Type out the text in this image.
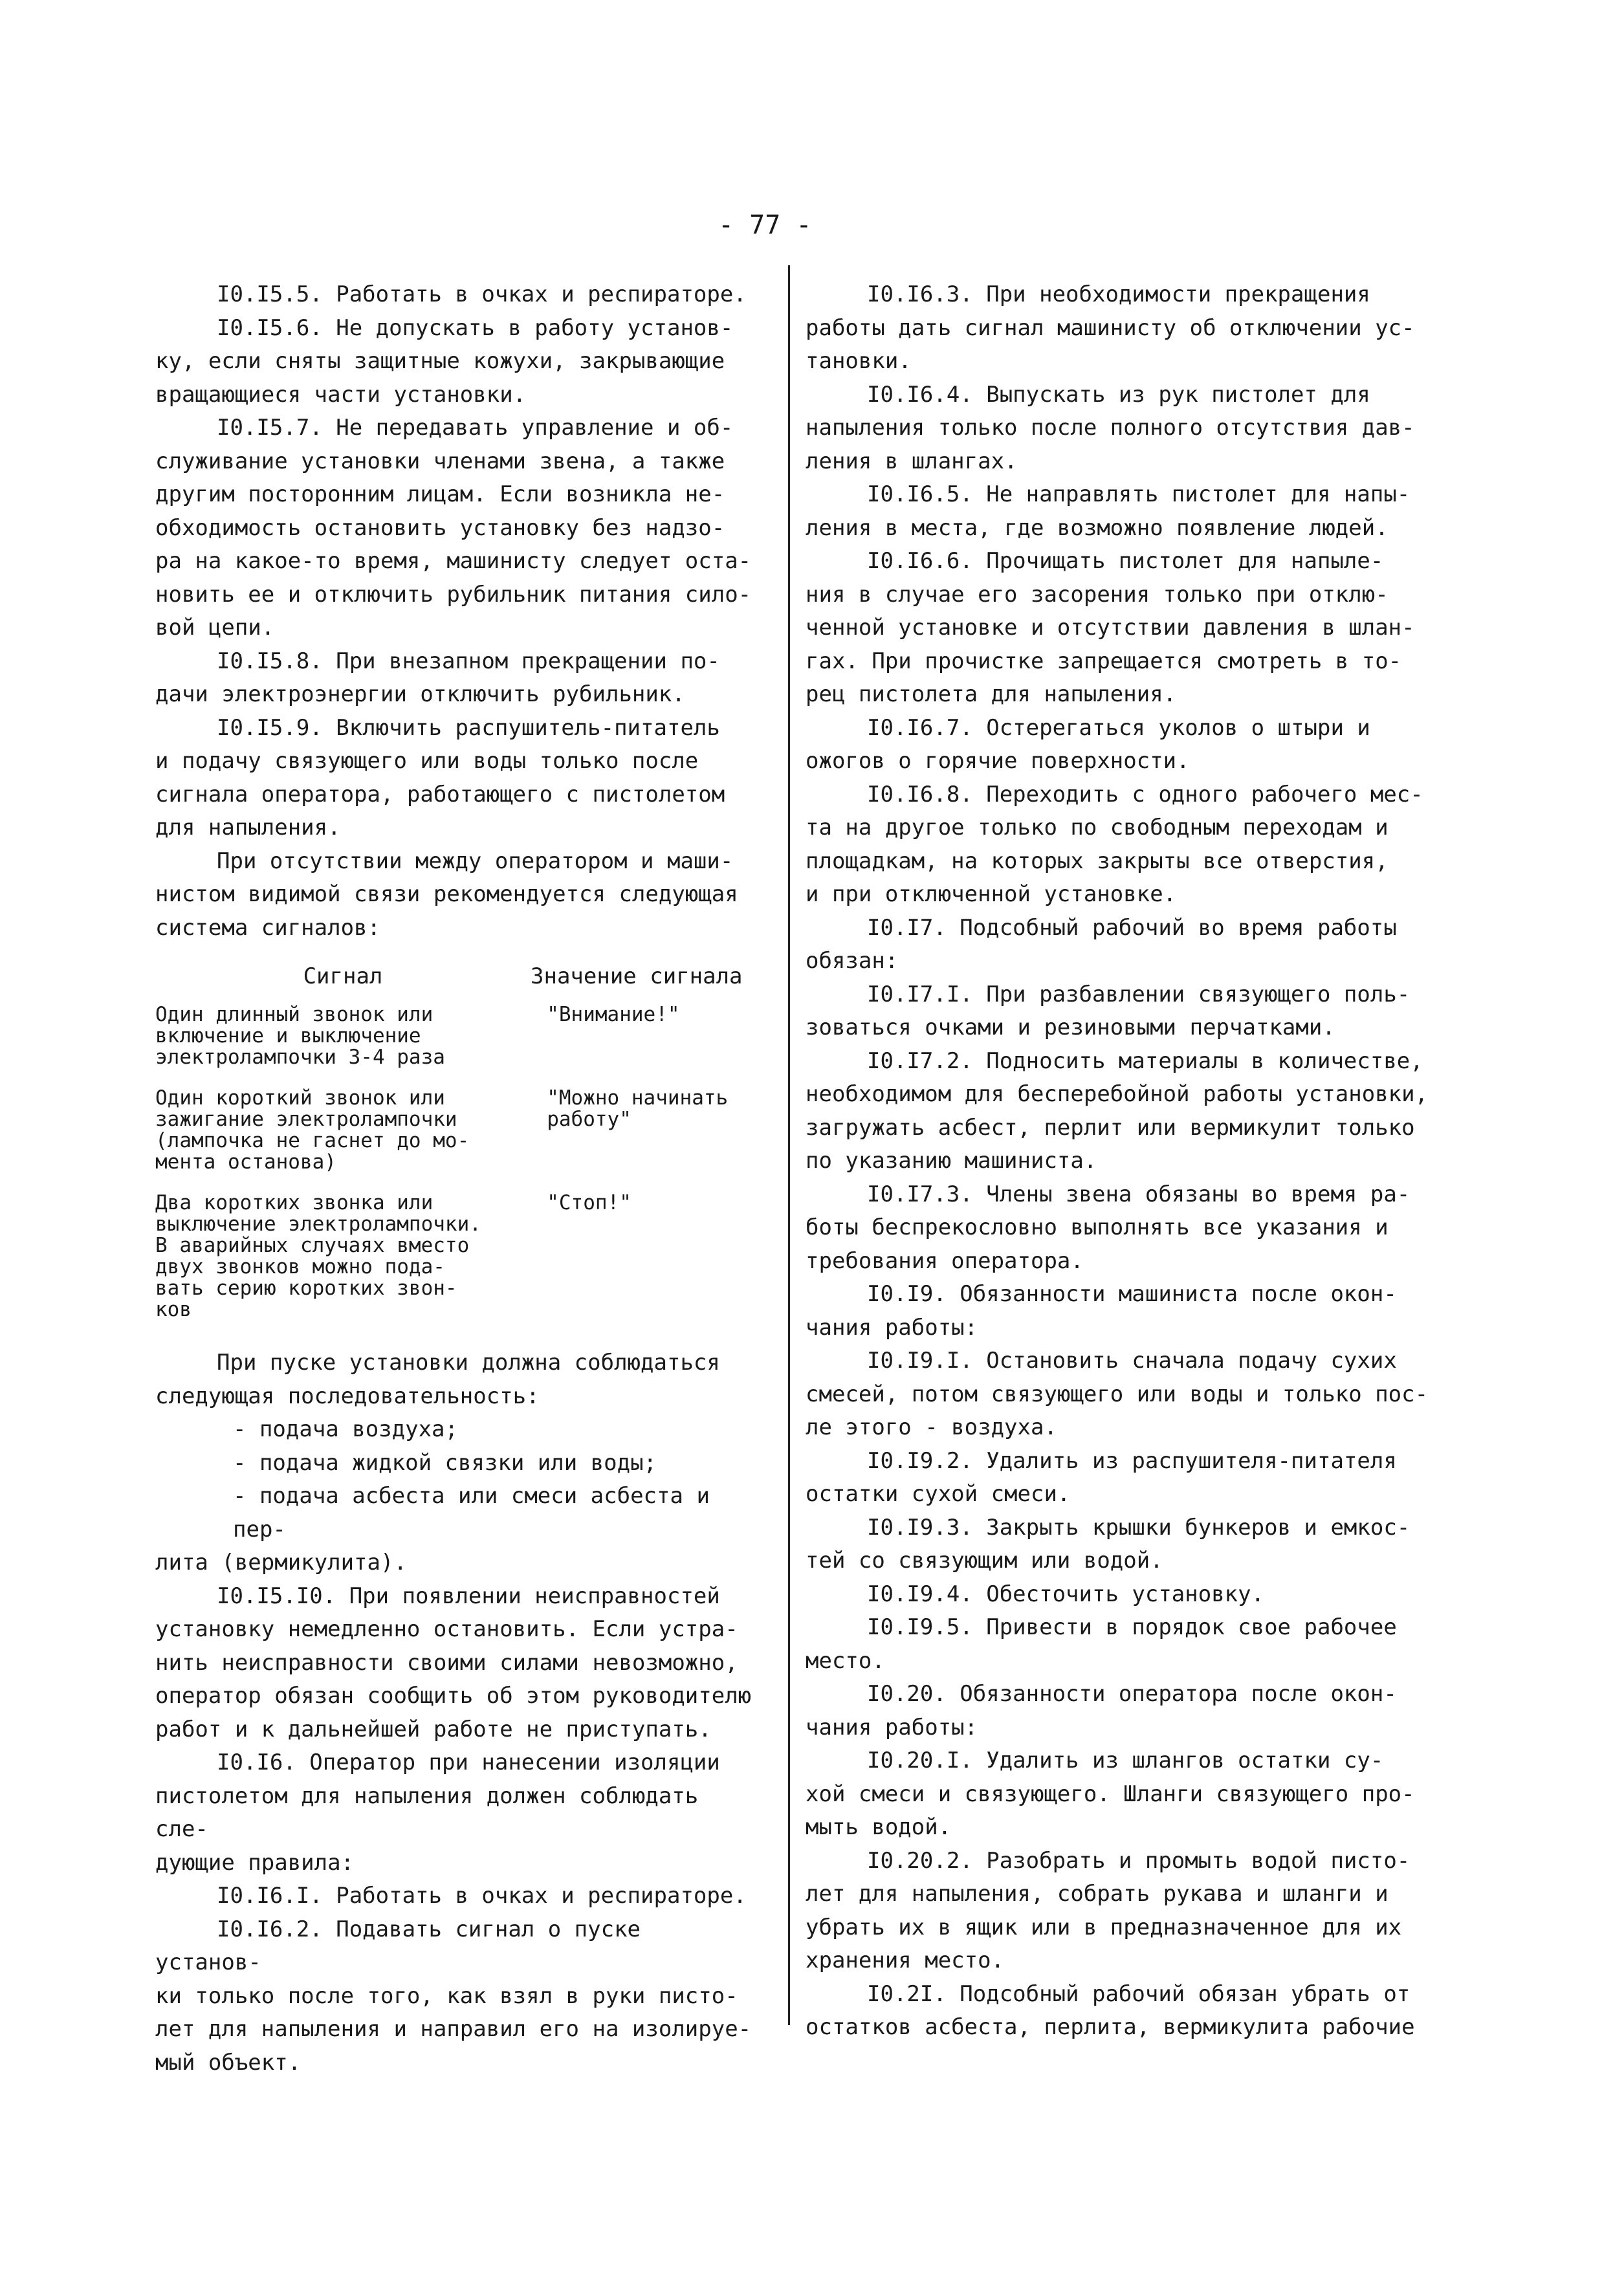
- 77 -

I0.I5.5. Работать в очках и респираторе.

I0.I5.6. Не допускать в работу установ-
ку, если сняты защитные кожухи, закрывающие
вращающиеся части установки.

I0.I5.7. Не передавать управление и об-
служивание установки членами звена, а также
другим посторонним лицам. Если возникла не-
обходимость остановить установку без надзо-
ра на какое-то время, машинисту следует оста-
новить ее и отключить рубильник питания сило-
вой цепи.

I0.I5.8. При внезапном прекращении по-
дачи электроэнергии отключить рубильник.

I0.I5.9. Включить распушитель-питатель
и подачу связующего или воды только после
сигнала оператора, работающего с пистолетом
для напыления.

При отсутствии между оператором и маши-
нистом видимой связи рекомендуется следующая
система сигналов:

Сигнал	Значение сигнала
Один длинный звонок или
включение и выключение
электролампочки 3-4 раза
"Внимание!"
Один короткий звонок или
зажигание электролампочки
(лампочка не гаснет до мо-
мента останова)
"Можно начинать
работу"
Два коротких звонка или
выключение электролампочки.
В аварийных случаях вместо
двух звонков можно пода-
вать серию коротких звон-
ков
"Стоп!"

При пуске установки должна соблюдаться
следующая последовательность:

- подача воздуха;
- подача жидкой связки или воды;
- подача асбеста или смеси асбеста и пер-

лита (вермикулита).

I0.I5.I0. При появлении неисправностей
установку немедленно остановить. Если устра-
нить неисправности своими силами невозможно,
оператор обязан сообщить об этом руководителю
работ и к дальнейшей работе не приступать.

I0.I6. Оператор при нанесении изоляции
пистолетом для напыления должен соблюдать сле-
дующие правила:

I0.I6.I. Работать в очках и респираторе.

I0.I6.2. Подавать сигнал о пуске установ-
ки только после того, как взял в руки писто-
лет для напыления и направил его на изолируе-
мый объект.

I0.I6.3. При необходимости прекращения
работы дать сигнал машинисту об отключении ус-
тановки.

I0.I6.4. Выпускать из рук пистолет для
напыления только после полного отсутствия дав-
ления в шлангах.

I0.I6.5. Не направлять пистолет для напы-
ления в места, где возможно появление людей.

I0.I6.6. Прочищать пистолет для напыле-
ния в случае его засорения только при отклю-
ченной установке и отсутствии давления в шлан-
гах. При прочистке запрещается смотреть в то-
рец пистолета для напыления.

I0.I6.7. Остерегаться уколов о штыри и
ожогов о горячие поверхности.

I0.I6.8. Переходить с одного рабочего мес-
та на другое только по свободным переходам и
площадкам, на которых закрыты все отверстия,
и при отключенной установке.

I0.I7. Подсобный рабочий во время работы
обязан:

I0.I7.I. При разбавлении связующего поль-
зоваться очками и резиновыми перчатками.

I0.I7.2. Подносить материалы в количестве,
необходимом для бесперебойной работы установки,
загружать асбест, перлит или вермикулит только
по указанию машиниста.

I0.I7.3. Члены звена обязаны во время ра-
боты беспрекословно выполнять все указания и
требования оператора.

I0.I9. Обязанности машиниста после окон-
чания работы:

I0.I9.I. Остановить сначала подачу сухих
смесей, потом связующего или воды и только пос-
ле этого - воздуха.

I0.I9.2. Удалить из распушителя-питателя
остатки сухой смеси.

I0.I9.3. Закрыть крышки бункеров и емкос-
тей со связующим или водой.

I0.I9.4. Обесточить установку.

I0.I9.5. Привести в порядок свое рабочее
место.

I0.20. Обязанности оператора после окон-
чания работы:

I0.20.I. Удалить из шлангов остатки су-
хой смеси и связующего. Шланги связующего про-
мыть водой.

I0.20.2. Разобрать и промыть водой писто-
лет для напыления, собрать рукава и шланги и
убрать их в ящик или в предназначенное для их
хранения место.

I0.2I. Подсобный рабочий обязан убрать от
остатков асбеста, перлита, вермикулита рабочие
